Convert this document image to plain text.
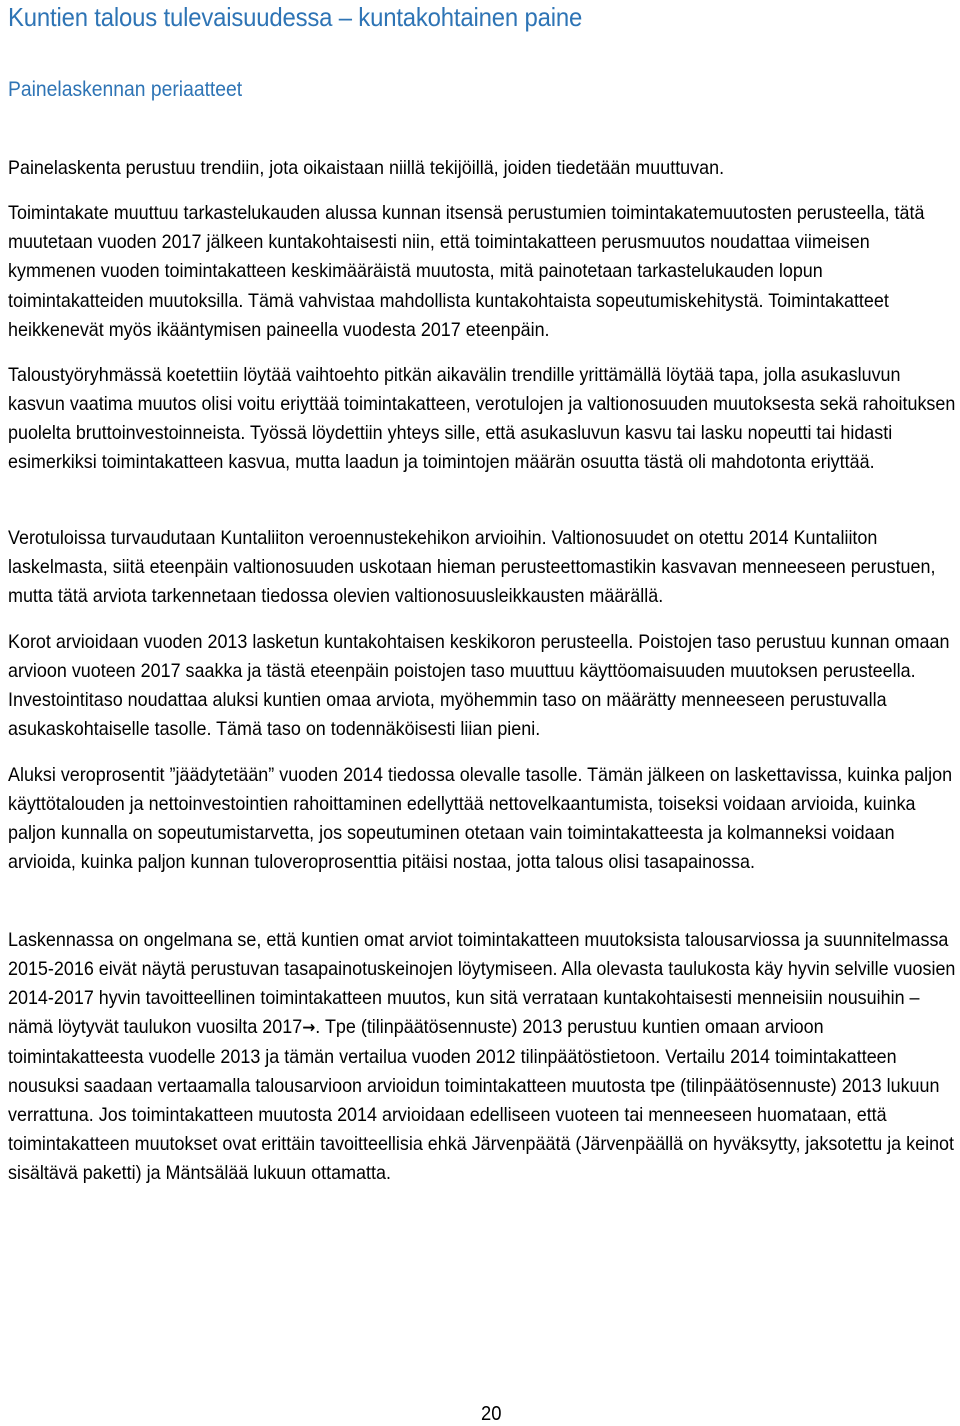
Kuntien talous tulevaisuudessa – kuntakohtainen paine
Painelaskennan periaatteet

Painelaskenta perustuu trendiin, jota oikaistaan niillä tekijöillä, joiden tiedetään muuttuvan.

Toimintakate muuttuu tarkastelukauden alussa kunnan itsensä perustumien toimintakatemuutosten perusteella, tätä muutetaan vuoden 2017 jälkeen kuntakohtaisesti niin, että toimintakatteen perusmuutos noudattaa viimeisen kymmenen vuoden toimintakatteen keskimääräistä muutosta, mitä painotetaan tarkastelukauden lopun toimintakatteiden muutoksilla. Tämä vahvistaa mahdollista kuntakohtaista sopeutumiskehitystä. Toimintakatteet heikkenevät myös ikääntymisen paineella vuodesta 2017 eteenpäin.

Taloustyöryhmässä koetettiin löytää vaihtoehto pitkän aikavälin trendille yrittämällä löytää tapa, jolla asukasluvun kasvun vaatima muutos olisi voitu eriyttää toimintakatteen, verotulojen ja valtionosuuden muutoksesta sekä rahoituksen puolelta bruttoinvestoinneista. Työssä löydettiin yhteys sille, että asukasluvun kasvu tai lasku nopeutti tai hidasti esimerkiksi toimintakatteen kasvua, mutta laadun ja toimintojen määrän osuutta tästä oli mahdotonta eriyttää.

Verotuloissa turvaudutaan Kuntaliiton veroennustekehikon arvioihin. Valtionosuudet on otettu 2014 Kuntaliiton laskelmasta, siitä eteenpäin valtionosuuden uskotaan hieman perusteettomastikin kasvavan menneeseen perustuen, mutta tätä arviota tarkennetaan tiedossa olevien valtionosuusleikkausten määrällä.

Korot arvioidaan vuoden 2013 lasketun kuntakohtaisen keskikoron perusteella. Poistojen taso perustuu kunnan omaan arvioon vuoteen 2017 saakka ja tästä eteenpäin poistojen taso muuttuu käyttöomaisuuden muutoksen perusteella. Investointitaso noudattaa aluksi kuntien omaa arviota, myöhemmin taso on määrätty menneeseen perustuvalla asukaskohtaiselle tasolle. Tämä taso on todennäköisesti liian pieni.

Aluksi veroprosentit ”jäädytetään” vuoden 2014 tiedossa olevalle tasolle. Tämän jälkeen on laskettavissa, kuinka paljon käyttötalouden ja nettoinvestointien rahoittaminen edellyttää nettovelkaantumista, toiseksi voidaan arvioida, kuinka paljon kunnalla on sopeutumistarvetta, jos sopeutuminen otetaan vain toimintakatteesta ja kolmanneksi voidaan arvioida, kuinka paljon kunnan tuloveroprosenttia pitäisi nostaa, jotta talous olisi tasapainossa.

Laskennassa on ongelmana se, että kuntien omat arviot toimintakatteen muutoksista talousarviossa ja suunnitelmassa 2015-2016 eivät näytä perustuvan tasapainotuskeinojen löytymiseen. Alla olevasta taulukosta käy hyvin selville vuosien 2014-2017 hyvin tavoitteellinen toimintakatteen muutos, kun sitä verrataan kuntakohtaisesti menneisiin nousuihin – nämä löytyvät taulukon vuosilta 2017→. Tpe (tilinpäätösennuste) 2013 perustuu kuntien omaan arvioon toimintakatteesta vuodelle 2013 ja tämän vertailua vuoden 2012 tilinpäätöstietoon. Vertailu 2014 toimintakatteen nousuksi saadaan vertaamalla talousarvioon arvioidun toimintakatteen muutosta tpe (tilinpäätösennuste) 2013 lukuun verrattuna. Jos toimintakatteen muutosta 2014 arvioidaan edelliseen vuoteen tai menneeseen huomataan, että toimintakatteen muutokset ovat erittäin tavoitteellisia ehkä Järvenpäätä (Järvenpäällä on hyväksytty, jaksotettu ja keinot sisältävä paketti) ja Mäntsälää lukuun ottamatta.

20
